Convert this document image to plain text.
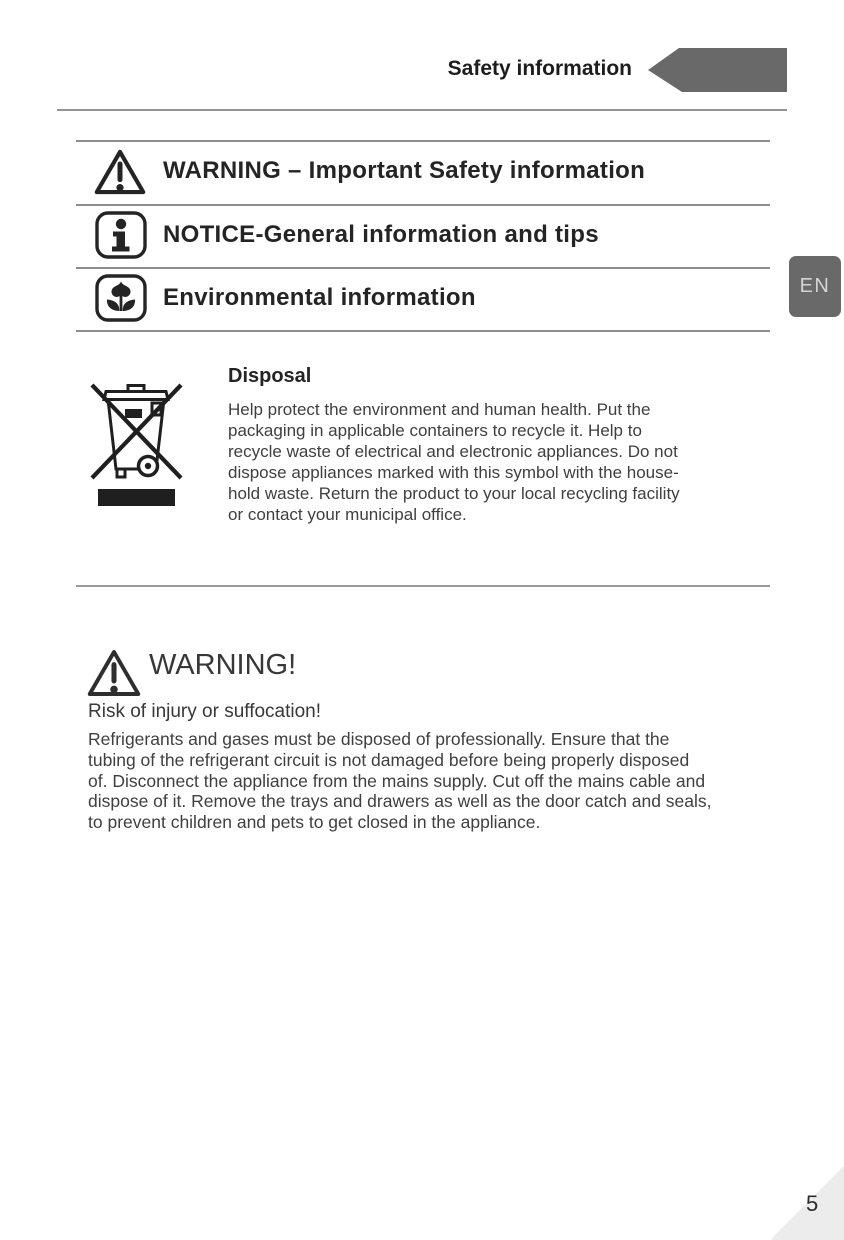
Safety information
WARNING – Important Safety information
NOTICE-General information and tips
Environmental information
Disposal
Help protect the environment and human health. Put the
packaging in applicable containers to recycle it. Help to
recycle waste of electrical and electronic appliances. Do not
dispose appliances marked with this symbol with the house-
hold waste. Return the product to your local recycling facility
or contact your municipal office.
WARNING!
Risk of injury or suffocation!
Refrigerants and gases must be disposed of professionally. Ensure that the
tubing of the refrigerant circuit is not damaged before being properly disposed
of. Disconnect the appliance from the mains supply. Cut off the mains cable and
dispose of it. Remove the trays and drawers as well as the door catch and seals,
to prevent children and pets to get closed in the appliance.
EN
5
